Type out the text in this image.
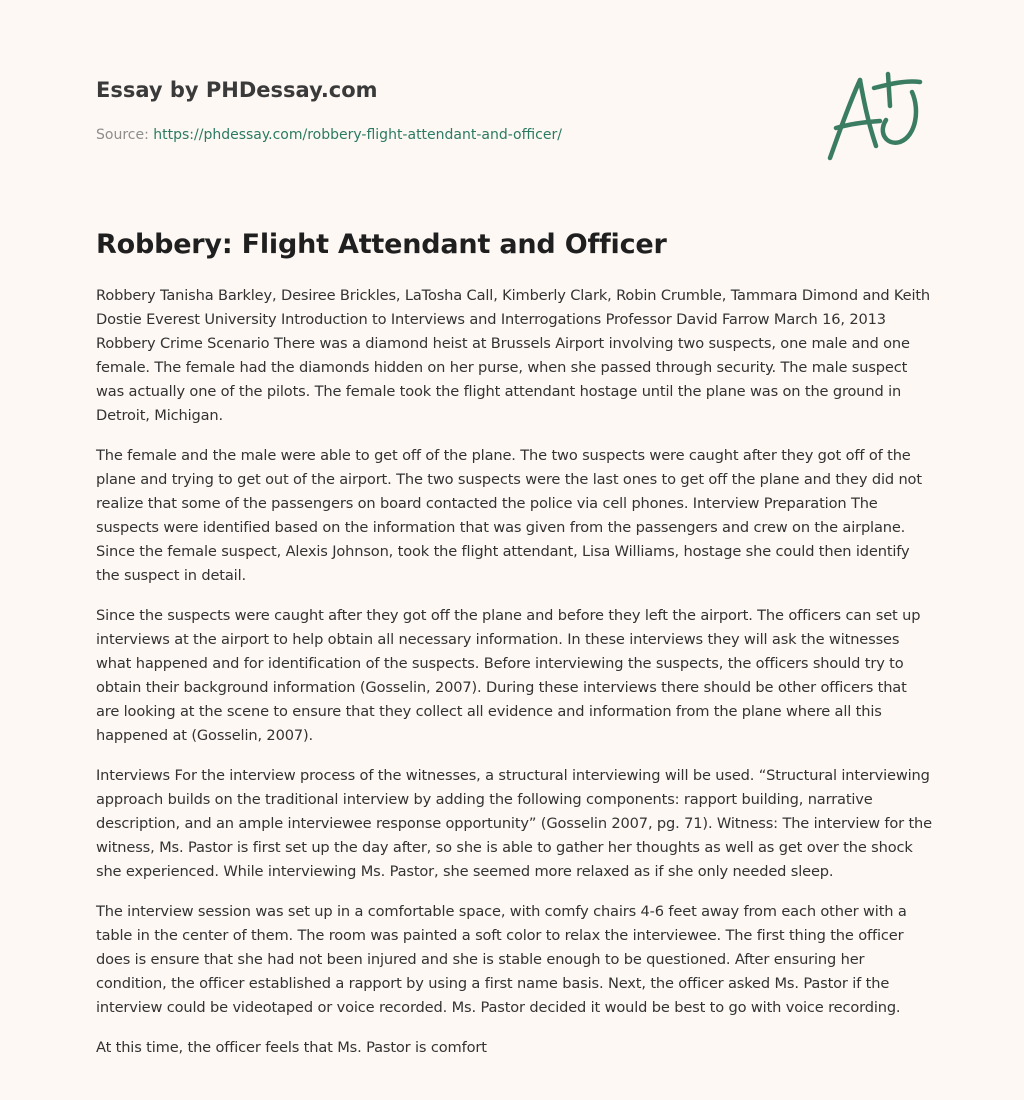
Essay by PHDessay.com
Source: https://phdessay.com/robbery-flight-attendant-and-officer/
Robbery: Flight Attendant and Officer

Robbery Tanisha Barkley, Desiree Brickles, LaTosha Call, Kimberly Clark, Robin Crumble, Tammara Dimond and Keith Dostie Everest University Introduction to Interviews and Interrogations Professor David Farrow March 16, 2013 Robbery Crime Scenario There was a diamond heist at Brussels Airport involving two suspects, one male and one female. The female had the diamonds hidden on her purse, when she passed through security. The male suspect was actually one of the pilots. The female took the flight attendant hostage until the plane was on the ground in Detroit, Michigan.

The female and the male were able to get off of the plane. The two suspects were caught after they got off of the plane and trying to get out of the airport. The two suspects were the last ones to get off the plane and they did not realize that some of the passengers on board contacted the police via cell phones. Interview Preparation The suspects were identified based on the information that was given from the passengers and crew on the airplane. Since the female suspect, Alexis Johnson, took the flight attendant, Lisa Williams, hostage she could then identify the suspect in detail.

Since the suspects were caught after they got off the plane and before they left the airport. The officers can set up interviews at the airport to help obtain all necessary information. In these interviews they will ask the witnesses what happened and for identification of the suspects. Before interviewing the suspects, the officers should try to obtain their background information (Gosselin, 2007). During these interviews there should be other officers that are looking at the scene to ensure that they collect all evidence and information from the plane where all this happened at (Gosselin, 2007).

Interviews For the interview process of the witnesses, a structural interviewing will be used. “Structural interviewing approach builds on the traditional interview by adding the following components: rapport building, narrative description, and an ample interviewee response opportunity” (Gosselin 2007, pg. 71). Witness: The interview for the witness, Ms. Pastor is first set up the day after, so she is able to gather her thoughts as well as get over the shock she experienced. While interviewing Ms. Pastor, she seemed more relaxed as if she only needed sleep.

The interview session was set up in a comfortable space, with comfy chairs 4-6 feet away from each other with a table in the center of them. The room was painted a soft color to relax the interviewee. The first thing the officer does is ensure that she had not been injured and she is stable enough to be questioned. After ensuring her condition, the officer established a rapport by using a first name basis. Next, the officer asked Ms. Pastor if the interview could be videotaped or voice recorded. Ms. Pastor decided it would be best to go with voice recording.

At this time, the officer feels that Ms. Pastor is comfort
